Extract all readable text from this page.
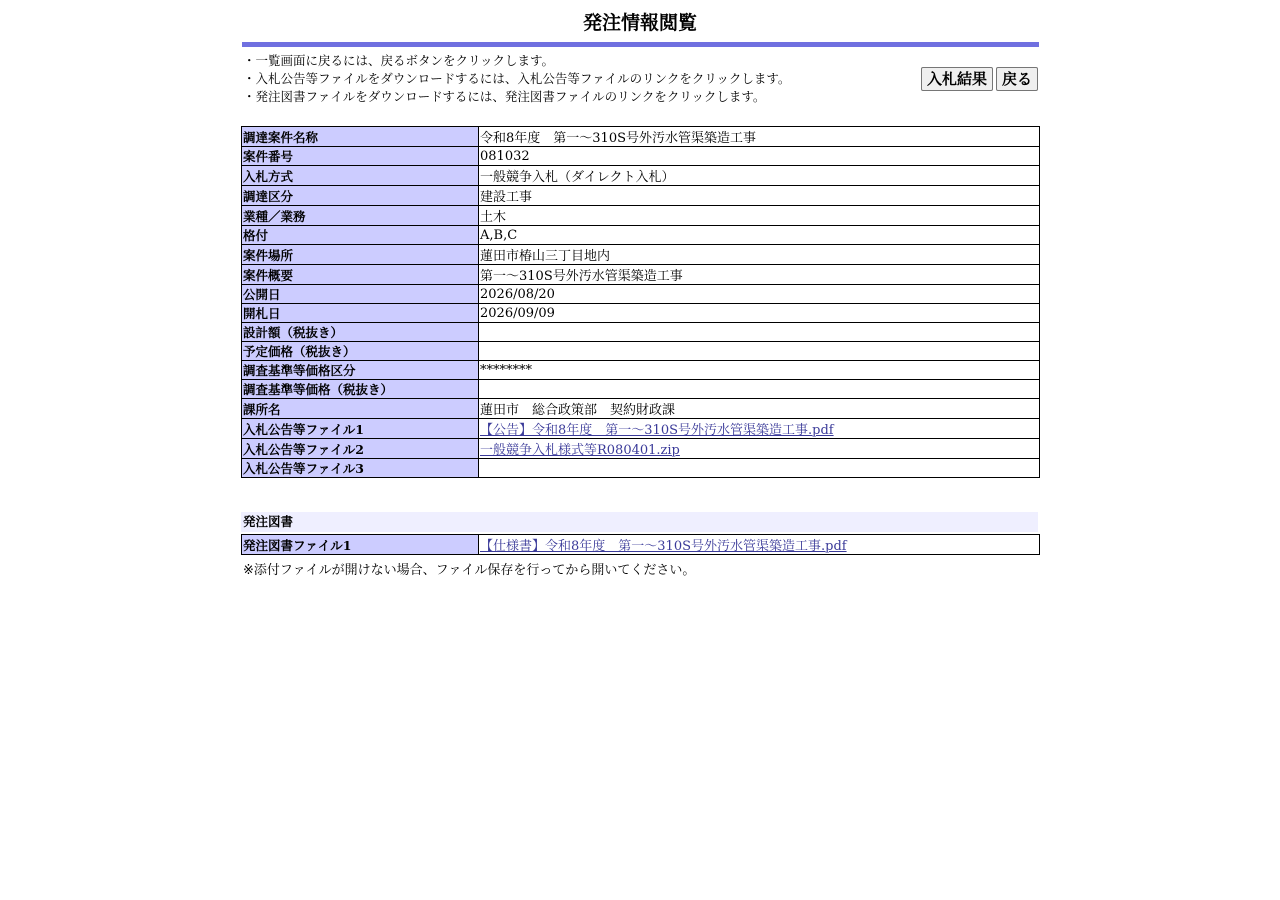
発注情報閲覧
・一覧画面に戻るには、戻るボタンをクリックします。
・入札公告等ファイルをダウンロードするには、入札公告等ファイルのリンクをクリックします。
・発注図書ファイルをダウンロードするには、発注図書ファイルのリンクをクリックします。
入札結果	戻る
調達案件名称	令和8年度　第一～310S号外汚水管渠築造工事
案件番号	081032
入札方式	一般競争入札（ダイレクト入札）
調達区分	建設工事
業種／業務	土木
格付	A,B,C
案件場所	蓮田市椿山三丁目地内
案件概要	第一～310S号外汚水管渠築造工事
公開日	2026/08/20
開札日	2026/09/09
設計額（税抜き）	
予定価格（税抜き）	
調査基準等価格区分	********
調査基準等価格（税抜き）	
課所名	蓮田市　総合政策部　契約財政課
入札公告等ファイル1	【公告】令和8年度　第一～310S号外汚水管渠築造工事.pdf
入札公告等ファイル2	一般競争入札様式等R080401.zip
入札公告等ファイル3	
発注図書
発注図書ファイル1	【仕様書】令和8年度　第一～310S号外汚水管渠築造工事.pdf
※添付ファイルが開けない場合、ファイル保存を行ってから開いてください。
